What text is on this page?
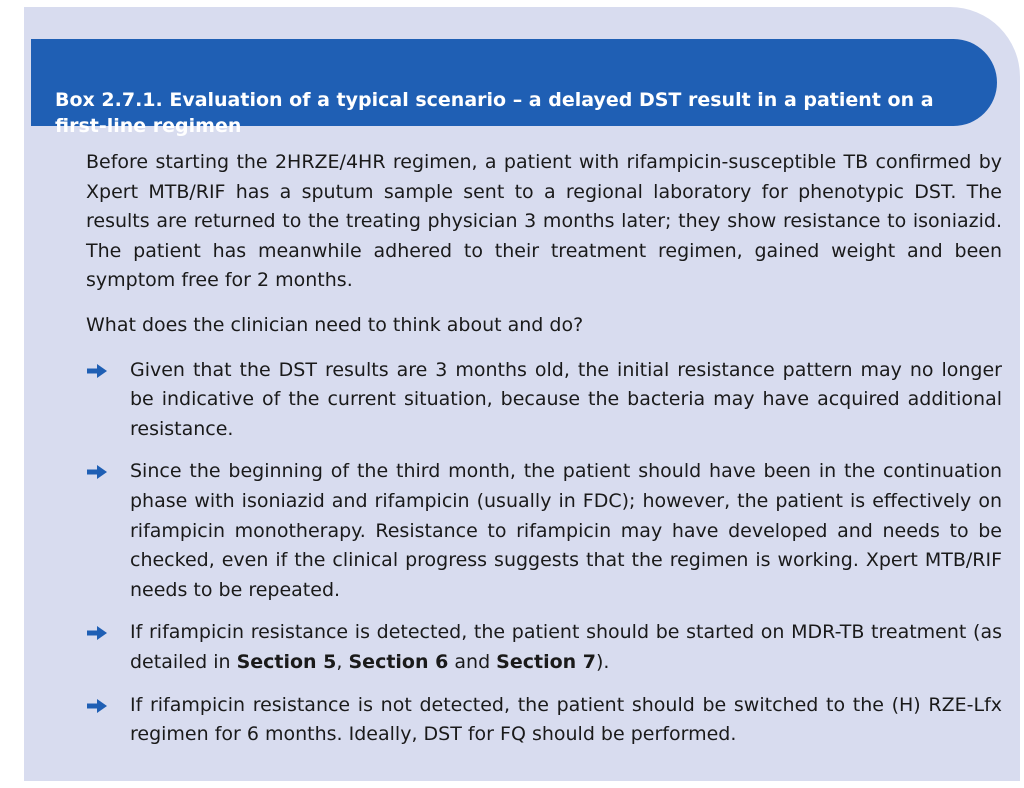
Box 2.7.1. Evaluation of a typical scenario – a delayed DST result in a patient on a first-line regimen

Before starting the 2HRZE/4HR regimen, a patient with rifampicin-susceptible TB confirmed by Xpert MTB/RIF has a sputum sample sent to a regional laboratory for phenotypic DST. The results are returned to the treating physician 3 months later; they show resistance to isoniazid. The patient has meanwhile adhered to their treatment regimen, gained weight and been symptom free for 2 months.

What does the clinician need to think about and do?

Given that the DST results are 3 months old, the initial resistance pattern may no longer be indicative of the current situation, because the bacteria may have acquired additional resistance.
Since the beginning of the third month, the patient should have been in the continuation phase with isoniazid and rifampicin (usually in FDC); however, the patient is effectively on rifampicin monotherapy. Resistance to rifampicin may have developed and needs to be checked, even if the clinical progress suggests that the regimen is working. Xpert MTB/RIF needs to be repeated.
If rifampicin resistance is detected, the patient should be started on MDR-TB treatment (as detailed in Section 5, Section 6 and Section 7).
If rifampicin resistance is not detected, the patient should be switched to the (H) RZE-Lfx regimen for 6 months. Ideally, DST for FQ should be performed.
